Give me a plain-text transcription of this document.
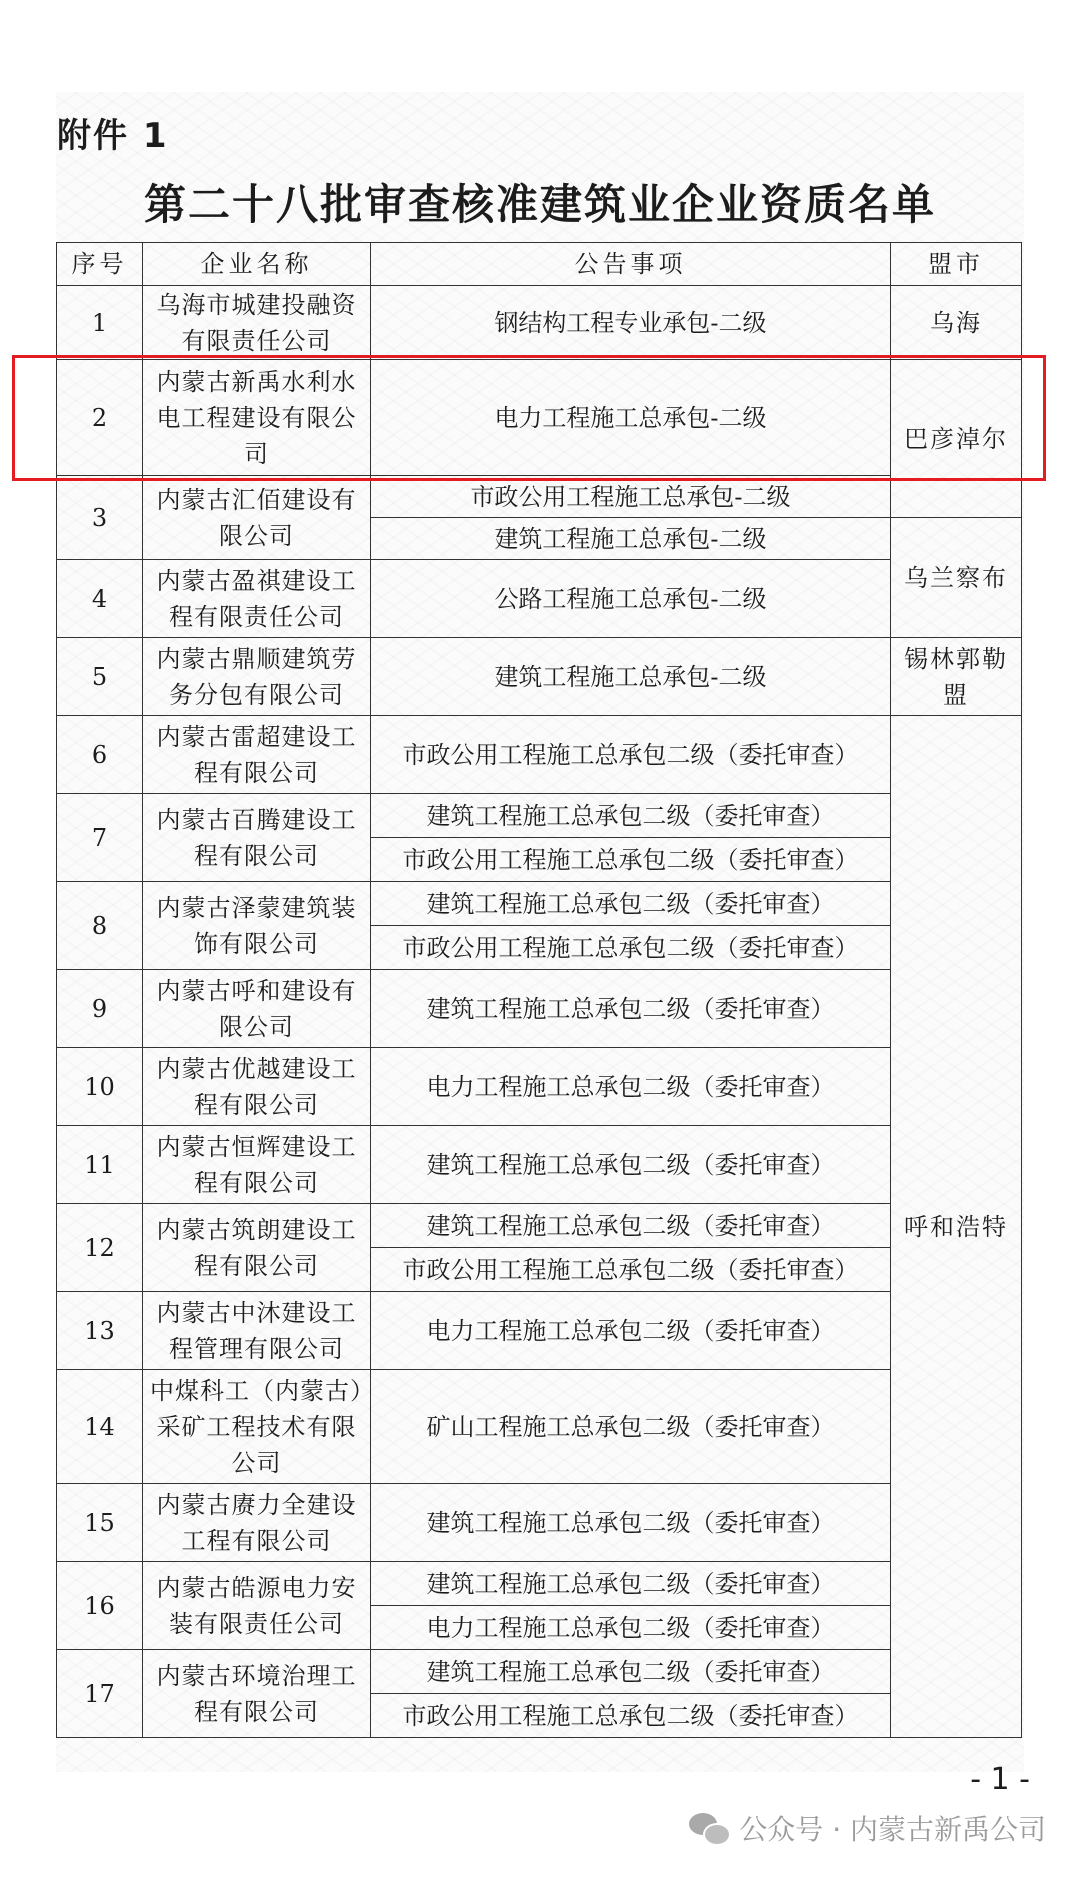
附件 1
第二十八批审查核准建筑业企业资质名单
序号	企业名称	公告事项	盟市
1	乌海市城建投融资有限责任公司	钢结构工程专业承包-二级	乌海
2	内蒙古新禹水利水电工程建设有限公司	电力工程施工总承包-二级	巴彦淖尔
3	内蒙古汇佰建设有限公司	市政公用工程施工总承包-二级	
		建筑工程施工总承包-二级	乌兰察布
4	内蒙古盈祺建设工程有限责任公司	公路工程施工总承包-二级	
5	内蒙古鼎顺建筑劳务分包有限公司	建筑工程施工总承包-二级	锡林郭勒盟
6	内蒙古雷超建设工程有限公司	市政公用工程施工总承包二级（委托审查）	呼和浩特
7	内蒙古百腾建设工程有限公司	建筑工程施工总承包二级（委托审查）	
		市政公用工程施工总承包二级（委托审查）	
8	内蒙古泽蒙建筑装饰有限公司	建筑工程施工总承包二级（委托审查）	
		市政公用工程施工总承包二级（委托审查）	
9	内蒙古呼和建设有限公司	建筑工程施工总承包二级（委托审查）	
10	内蒙古优越建设工程有限公司	电力工程施工总承包二级（委托审查）	
11	内蒙古恒辉建设工程有限公司	建筑工程施工总承包二级（委托审查）	
12	内蒙古筑朗建设工程有限公司	建筑工程施工总承包二级（委托审查）	
		市政公用工程施工总承包二级（委托审查）	
13	内蒙古中沐建设工程管理有限公司	电力工程施工总承包二级（委托审查）	
14	中煤科工（内蒙古）采矿工程技术有限公司	矿山工程施工总承包二级（委托审查）	
15	内蒙古赓力全建设工程有限公司	建筑工程施工总承包二级（委托审查）	
16	内蒙古皓源电力安装有限责任公司	建筑工程施工总承包二级（委托审查）	
		电力工程施工总承包二级（委托审查）	
17	内蒙古环境治理工程有限公司	建筑工程施工总承包二级（委托审查）	
		市政公用工程施工总承包二级（委托审查）	
- 1 -
公众号 · 内蒙古新禹公司
